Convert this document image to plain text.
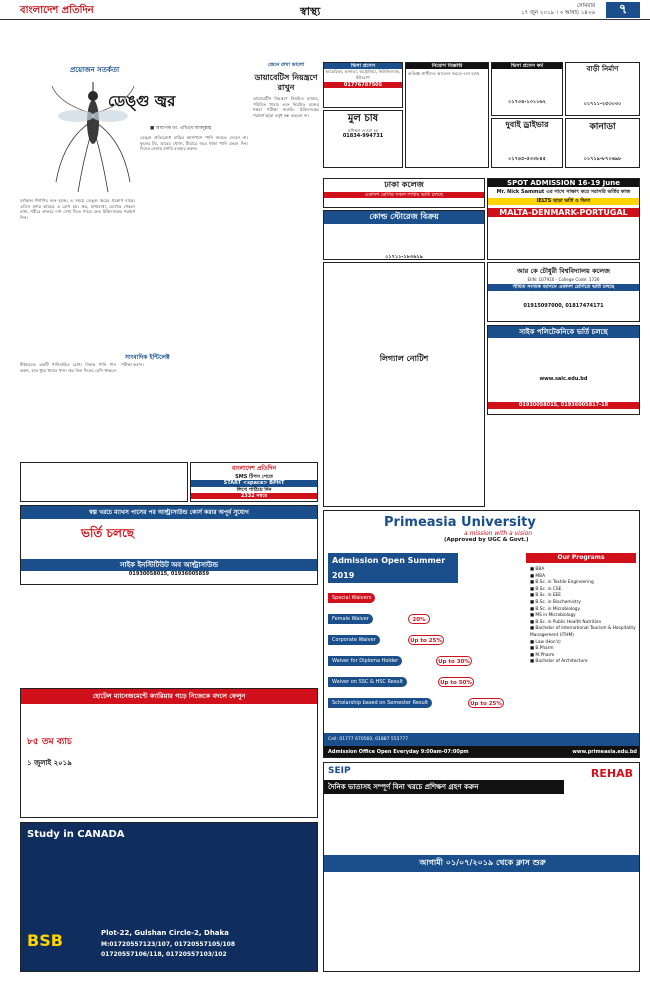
বাংলাদেশ প্রতিদিন	স্বাস্থ্য	সোমবার
১৭ জুন ২০১৯ । ৩ আষাঢ় ১৪২৬	৭
প্রয়োজন সতর্কতা
ডেঙ্গু জ্বর
■ অধ্যাপক ডা. এবিএম আবদুল্লাহ
বর্ষাকাল শিগগির শুরু হচ্ছে। এ সময়ে ডেঙ্গু জ্বরের প্রকোপ বাড়ে। এডিস মশার কামড়ে এ রোগ হয়। জ্বর, মাথাব্যথা, চোখের পেছনে ব্যথা, শরীরে লালচে দাগ দেখা দিতে পারে। দ্রুত চিকিৎসকের পরামর্শ নিন।
ডেঙ্গু প্রতিরোধে বাড়ির আশপাশে পানি জমতে দেবেন না। ফুলের টব, ডাবের খোসা, টায়ারে জমে থাকা পানি ফেলে দিন। দিনের বেলায় মশারি ব্যবহার করুন।
জেনে রাখা ভালো
ডায়াবেটিস নিয়ন্ত্রণে রাখুন
ডায়াবেটিস নিয়ন্ত্রণে নিয়মিত ব্যায়াম, পরিমিত খাবার এবং নিয়মিত রক্তের শর্করা পরীক্ষা জরুরি। চিকিৎসকের পরামর্শ ছাড়া ওষুধ বন্ধ করবেন না।
সাংবাদিক ইন্টিলেক্ট
টাইফয়েড একটি পানিবাহিত রোগ। বিশুদ্ধ পানি পান করুন, হাত ধুয়ে খাবার খান। জ্বর তিন দিনের বেশি থাকলে পরীক্ষা করান।
ভিসা প্রসেস
আমেরিকা, কানাডা, অস্ট্রেলিয়া, নিউজিল্যান্ড, ইউরোপ
01776787505
মুল চাষ
প্রশিক্ষণ দেওয়া হয়
01834-994731
নিয়োগ বিজ্ঞপ্তি
অভিজ্ঞ প্রার্থীদের আবেদন করতে বলা হচ্ছে
ভিসা প্রসেস কর্ম
০১৭৩৪-১৩১১৬২
বাড়ী নির্মাণ
০১৭১১-২৫৩০৩০
দুবাই ড্রাইভার
০১৭৪৫-৫৩৩৮৪৫
কানাডা
০১৭১৯-৮৭০৬৯৮
ঢাকা কলেজ
একাদশ শ্রেণির সকল শাখায় ভর্তি চলছে
কোল্ড স্টোরেজ বিক্রয়
০১৭১১-১৮৩৬১৯
SPOT ADMISSION 16-19 June
Mr. Nick Sammut এর সাথে সাক্ষাৎ করে সরাসরি ভর্তির কাজ
IELTS ছাড়া ভর্তি ও ভিসা
MALTA-DENMARK-PORTUGAL
লিগ্যাল নোটিশ
আর কে চৌধুরী বিশ্ববিদ্যালয় কলেজ
EIIN: 107910 · College Code: 1726
সীমিত সংখ্যক আসনে একাদশ শ্রেণিতে ভর্তি চলছে
01915097000, 01817474171
সাইক পলিটেকনিকে ভর্তি চলছে
www.saic.edu.bd
01930058015, 01936005817-18
বাংলাদেশ প্রতিদিন
SMS টিপস পেতে
START <space> BPHT
লিখে পাঠিয়ে দিন
2332 নম্বরে
স্বল্প খরচে ম্যাথস পাসের পর আল্ট্রাসাউন্ড কোর্স করার অপূর্ব সুযোগ
ভর্তি চলছে
সাইক ইনস্টিটিউট অব আল্ট্রাসাউন্ড
01930058015, 01936005859
Primeasia University
a mission with a vision
(Approved by UGC & Govt.)
Admission Open Summer 2019
Special Waivers
Female Waiver	20%
Corporate Waiver	Up to 25%
Waiver for Diploma Holder	Up to 30%
Waiver on SSC & HSC Result	Up to 50%
Scholarship based on Semester Result	Up to 25%
Our Programs
■ BBA
■ MBA
■ B.Sc. in Textile Engineering
■ B.Sc. in CSE
■ B.Sc. in EEE
■ B.Sc. in Biochemistry
■ B.Sc. in Microbiology
■ MS in Microbiology
■ B.Sc. in Public Health Nutrition
■ Bachelor of International Tourism & Hospitality Management (ITHM)
■ Law (Hon's)
■ B.Pharm
■ M.Pharm
■ Bachelor of Architecture
Cell: 01777 670560, 01887 555777
Admission Office Open Everyday 9:00am-07:00pm	www.primeasia.edu.bd
হোটেল ম্যানেজমেন্টে ক্যারিয়ার গড়ে নিজেকে বদলে ফেলুন
৮৫ তম ব্যাচ
১ জুলাই ২০১৯
Study in CANADA
BSB	Plot-22, Gulshan Circle-2, Dhaka
M:01720557123/107, 01720557105/108
01720557106/118, 01720557103/102
SEIP
দৈনিক ভাতাসহ সম্পূর্ণ বিনা খরচে প্রশিক্ষণ গ্রহণ করুন
REHAB
আগামী ০১/০৭/২০১৯ থেকে ক্লাস শুরু
